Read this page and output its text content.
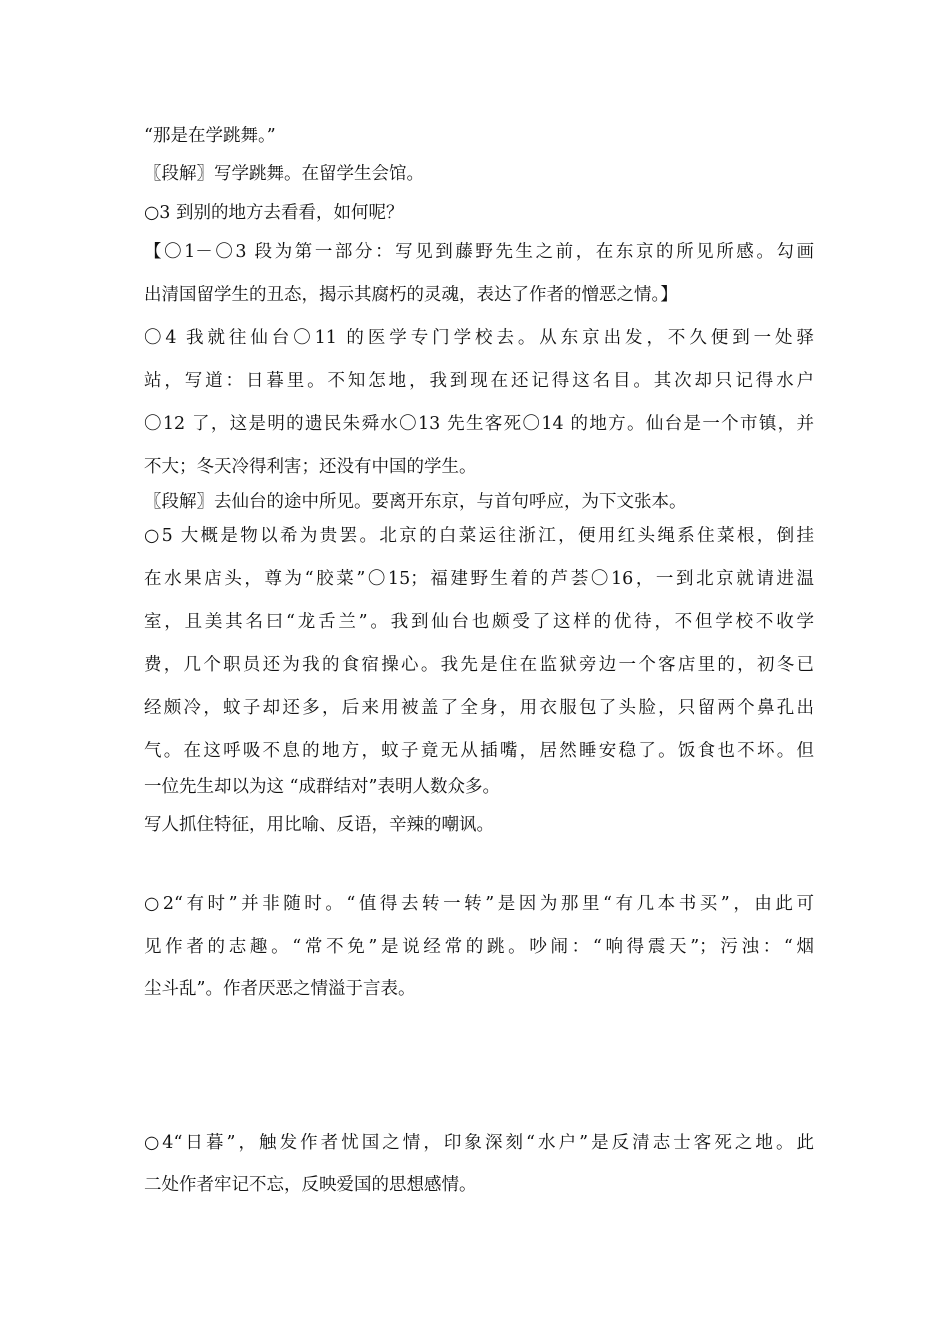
“那是在学跳舞。”
〖段解〗写学跳舞。在留学生会馆。
○3 到别的地方去看看，如何呢？
【〇1－〇3 段为第一部分：写见到藤野先生之前，在东京的所见所感。勾画
出清国留学生的丑态，揭示其腐朽的灵魂，表达了作者的憎恶之情。】
〇4 我就往仙台〇11 的医学专门学校去。从东京出发，不久便到一处驿
站，写道：日暮里。不知怎地，我到现在还记得这名目。其次却只记得水户
〇12 了，这是明的遗民朱舜水〇13 先生客死〇14 的地方。仙台是一个市镇，并
不大；冬天冷得利害；还没有中国的学生。
〖段解〗去仙台的途中所见。要离开东京，与首句呼应，为下文张本。
○5 大概是物以希为贵罢。北京的白菜运往浙江，便用红头绳系住菜根，倒挂
在水果店头，尊为“胶菜”〇15；福建野生着的芦荟〇16，一到北京就请进温
室，且美其名曰“龙舌兰”。我到仙台也颇受了这样的优待，不但学校不收学
费，几个职员还为我的食宿操心。我先是住在监狱旁边一个客店里的，初冬已
经颇冷，蚊子却还多，后来用被盖了全身，用衣服包了头脸，只留两个鼻孔出
气。在这呼吸不息的地方，蚊子竟无从插嘴，居然睡安稳了。饭食也不坏。但
一位先生却以为这 “成群结对”表明人数众多。
写人抓住特征，用比喻、反语，辛辣的嘲讽。
○2“有时”并非随时。“值得去转一转”是因为那里“有几本书买”，由此可
见作者的志趣。“常不免”是说经常的跳。吵闹：“响得震天”；污浊：“烟
尘斗乱”。作者厌恶之情溢于言表。
○4“日暮”，触发作者忧国之情，印象深刻“水户”是反清志士客死之地。此
二处作者牢记不忘，反映爱国的思想感情。
